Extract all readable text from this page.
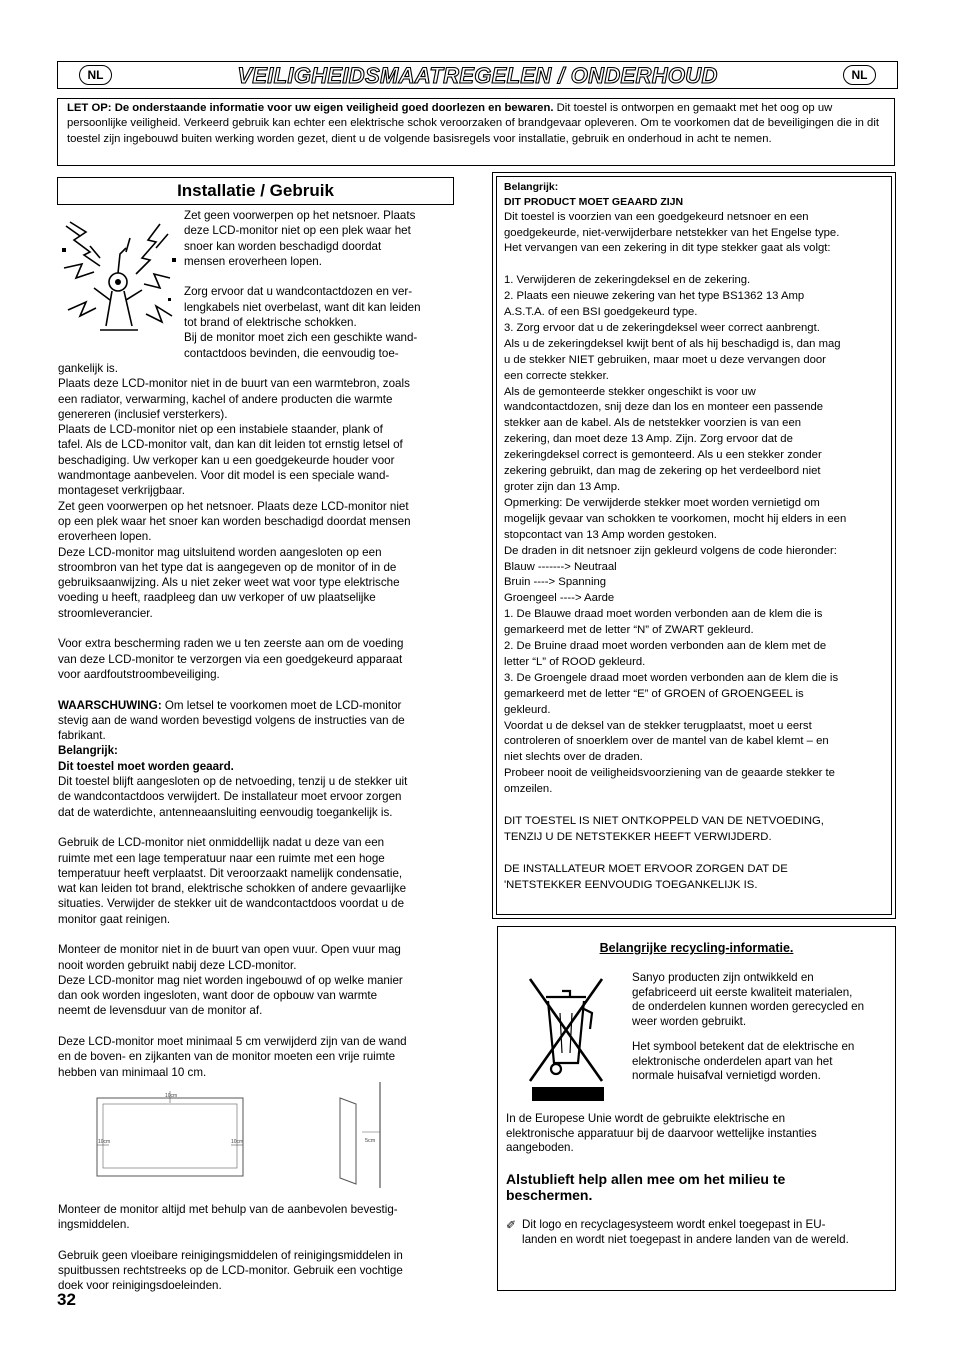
NL	VEILIGHEIDSMAATREGELEN / ONDERHOUD	NL
LET OP: De onderstaande informatie voor uw eigen veiligheid goed doorlezen en bewaren. Dit toestel is ontworpen en gemaakt met het oog op uw persoonlijke veiligheid. Verkeerd gebruik kan echter een elektrische schok veroorzaken of brandgevaar opleveren. Om te voorkomen dat de beveiligingen die in dit toestel zijn ingebouwd buiten werking worden gezet, dient u de volgende basisregels voor installatie, gebruik en onderhoud in acht te nemen.
Installatie / Gebruik

Zet geen voorwerpen op het netsnoer. Plaats

deze LCD-monitor niet op een plek waar het

snoer kan worden beschadigd doordat

mensen eroverheen lopen.

Zorg ervoor dat u wandcontactdozen en ver-

lengkabels niet overbelast, want dit kan leiden

tot brand of elektrische schokken.

Bij de monitor moet zich een geschikte wand-

contactdoos bevinden, die eenvoudig toe-

gankelijk is.

Plaats deze LCD-monitor niet in de buurt van een warmtebron, zoals

een radiator, verwarming, kachel of andere producten die warmte

genereren (inclusief versterkers).

Plaats de LCD-monitor niet op een instabiele staander, plank of

tafel. Als de LCD-monitor valt, dan kan dit leiden tot ernstig letsel of

beschadiging. Uw verkoper kan u een goedgekeurde houder voor

wandmontage aanbevelen. Voor dit model is een speciale wand-

montageset verkrijgbaar.

Zet geen voorwerpen op het netsnoer. Plaats deze LCD-monitor niet

op een plek waar het snoer kan worden beschadigd doordat mensen

eroverheen lopen.

Deze LCD-monitor mag uitsluitend worden aangesloten op een

stroombron van het type dat is aangegeven op de monitor of in de

gebruiksaanwijzing. Als u niet zeker weet wat voor type elektrische

voeding u heeft, raadpleeg dan uw verkoper of uw plaatselijke

stroomleverancier.

Voor extra bescherming raden we u ten zeerste aan om de voeding

van deze LCD-monitor te verzorgen via een goedgekeurd apparaat

voor aardfoutstroombeveiliging.

WAARSCHUWING: Om letsel te voorkomen moet de LCD-monitor

stevig aan de wand worden bevestigd volgens de instructies van de

fabrikant.

Belangrijk:

Dit toestel moet worden geaard.

Dit toestel blijft aangesloten op de netvoeding, tenzij u de stekker uit

de wandcontactdoos verwijdert. De installateur moet ervoor zorgen

dat de waterdichte, antenneaansluiting eenvoudig toegankelijk is.

Gebruik de LCD-monitor niet onmiddellijk nadat u deze van een

ruimte met een lage temperatuur naar een ruimte met een hoge

temperatuur heeft verplaatst. Dit veroorzaakt namelijk condensatie,

wat kan leiden tot brand, elektrische schokken of andere gevaarlijke

situaties. Verwijder de stekker uit de wandcontactdoos voordat u de

monitor gaat reinigen.

Monteer de monitor niet in de buurt van open vuur. Open vuur mag

nooit worden gebruikt nabij deze LCD-monitor.

Deze LCD-monitor mag niet worden ingebouwd of op welke manier

dan ook worden ingesloten, want door de opbouw van warmte

neemt de levensduur van de monitor af.

Deze LCD-monitor moet minimaal 5 cm verwijderd zijn van de wand

en de boven- en zijkanten van de monitor moeten een vrije ruimte

hebben van minimaal 10 cm.

Monteer de monitor altijd met behulp van de aanbevolen bevestig-

ingsmiddelen.

Gebruik geen vloeibare reinigingsmiddelen of reinigingsmiddelen in

spuitbussen rechtstreeks op de LCD-monitor. Gebruik een vochtige

doek voor reinigingsdoeleinden.

10cm
10cm	10cm	5cm

Belangrijk:

DIT PRODUCT MOET GEAARD ZIJN

Dit toestel is voorzien van een goedgekeurd netsnoer en een

goedgekeurde, niet-verwijderbare netstekker van het Engelse type.

Het vervangen van een zekering in dit type stekker gaat als volgt:

1. Verwijderen de zekeringdeksel en de zekering.

2. Plaats een nieuwe zekering van het type BS1362 13 Amp

A.S.T.A. of een BSI goedgekeurd type.

3. Zorg ervoor dat u de zekeringdeksel weer correct aanbrengt.

Als u de zekeringdeksel kwijt bent of als hij beschadigd is, dan mag

u de stekker NIET gebruiken, maar moet u deze vervangen door

een correcte stekker.

Als de gemonteerde stekker ongeschikt is voor uw

wandcontactdozen, snij deze dan los en monteer een passende

stekker aan de kabel. Als de netstekker voorzien is van een

zekering, dan moet deze 13 Amp. Zijn. Zorg ervoor dat de

zekeringdeksel correct is gemonteerd. Als u een stekker zonder

zekering gebruikt, dan mag de zekering op het verdeelbord niet

groter zijn dan 13 Amp.

Opmerking: De verwijderde stekker moet worden vernietigd om

mogelijk gevaar van schokken te voorkomen, mocht hij elders in een

stopcontact van 13 Amp worden gestoken.

De draden in dit netsnoer zijn gekleurd volgens de code hieronder:

Blauw -------> Neutraal

Bruin ----> Spanning

Groengeel ----> Aarde

1. De Blauwe draad moet worden verbonden aan de klem die is

gemarkeerd met de letter “N” of ZWART gekleurd.

2. De Bruine draad moet worden verbonden aan de klem met de

letter “L” of ROOD gekleurd.

3. De Groengele draad moet worden verbonden aan de klem die is

gemarkeerd met de letter “E” of GROEN of GROENGEEL is

gekleurd.

Voordat u de deksel van de stekker terugplaatst, moet u eerst

controleren of snoerklem over de mantel van de kabel klemt – en

niet slechts over de draden.

Probeer nooit de veiligheidsvoorziening van de geaarde stekker te

omzeilen.

DIT TOESTEL IS NIET ONTKOPPELD VAN DE NETVOEDING,

TENZIJ U DE NETSTEKKER HEEFT VERWIJDERD.

DE INSTALLATEUR MOET ERVOOR ZORGEN DAT DE

'NETSTEKKER EENVOUDIG TOEGANKELIJK IS.

Belangrijke recycling-informatie.

Sanyo producten zijn ontwikkeld en

gefabriceerd uit eerste kwaliteit materialen,

de onderdelen kunnen worden gerecycled en

weer worden gebruikt.

Het symbool betekent dat de elektrische en

elektronische onderdelen apart van het

normale huisafval vernietigd worden.

In de Europese Unie wordt de gebruikte elektrische en

elektronische apparatuur bij de daarvoor wettelijke instanties

aangeboden.

Alstublieft help allen mee om het milieu te

beschermen.

✐ Dit logo en recyclagesysteem wordt enkel toegepast in EU-

landen en wordt niet toegepast in andere landen van de wereld.

32
